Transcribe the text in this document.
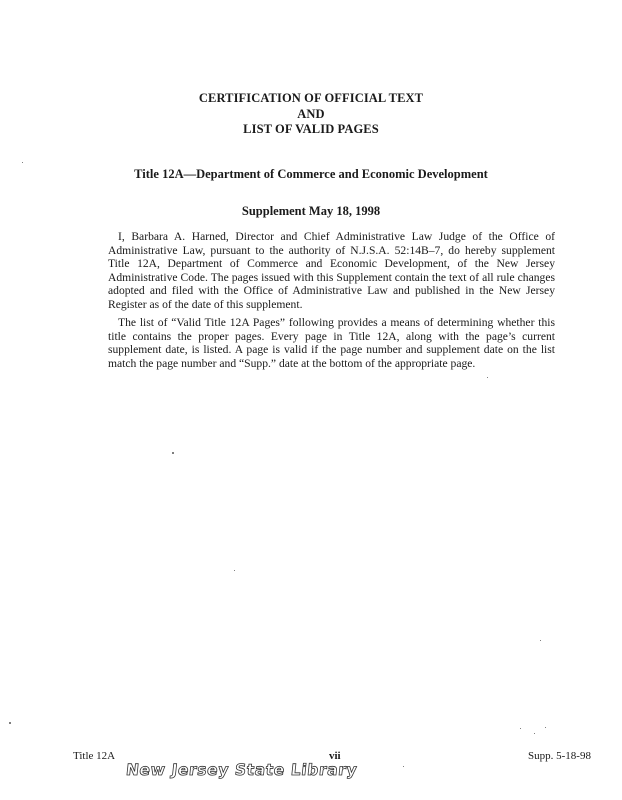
CERTIFICATION OF OFFICIAL TEXT
AND
LIST OF VALID PAGES
Title 12A—Department of Commerce and Economic Development
Supplement May 18, 1998

I, Barbara A. Harned, Director and Chief Administrative Law Judge of the Office of Administrative Law, pursuant to the authority of N.J.S.A. 52:14B–7, do hereby supplement Title 12A, Department of Commerce and Economic Development, of the New Jersey Administrative Code. The pages issued with this Supplement contain the text of all rule changes adopted and filed with the Office of Administrative Law and published in the New Jersey Register as of the date of this supplement.

The list of “Valid Title 12A Pages” following provides a means of determining whether this title contains the proper pages. Every page in Title 12A, along with the page’s current supplement date, is listed. A page is valid if the page number and supplement date on the list match the page number and “Supp.” date at the bottom of the appropriate page.

Title 12A	vii	Supp. 5-18-98
New Jersey State Library
